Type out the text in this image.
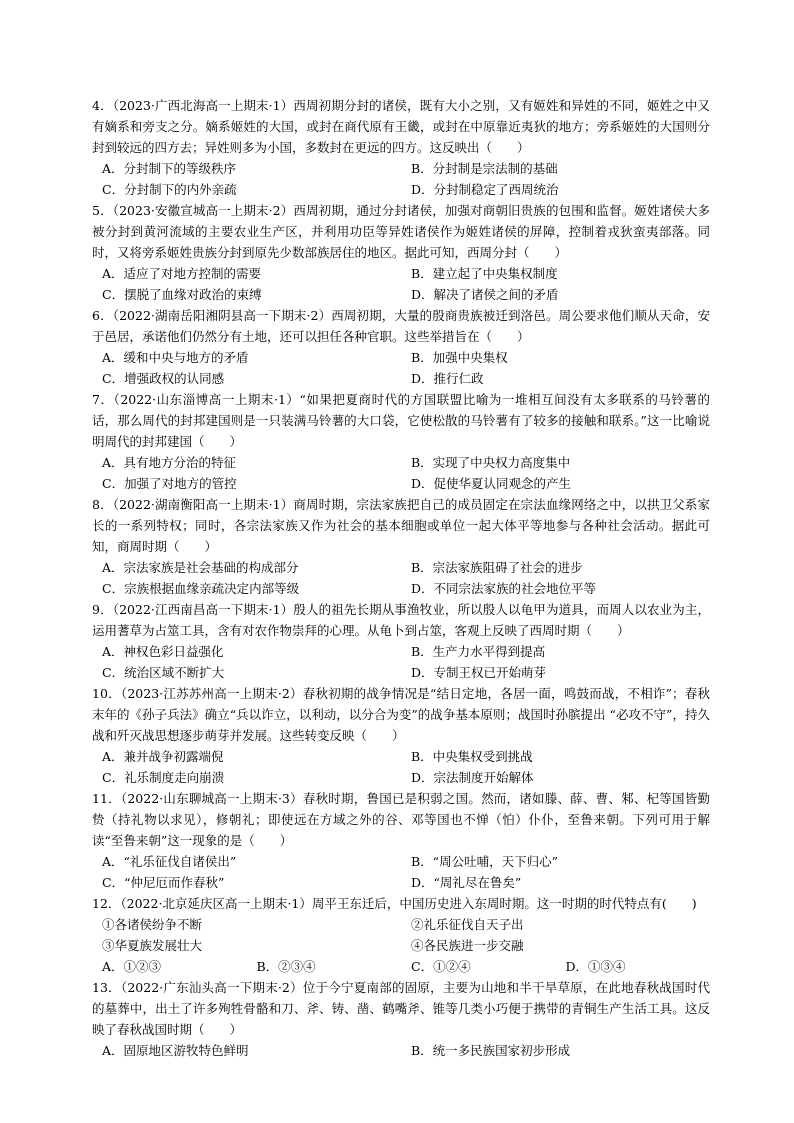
4．（2023·广西北海高一上期末·1）西周初期分封的诸侯，既有大小之别，又有姬姓和异姓的不同，姬姓之中又有嫡系和旁支之分。嫡系姬姓的大国，或封在商代原有王畿，或封在中原靠近夷狄的地方；旁系姬姓的大国则分封到较远的四方去；异姓则多为小国，多数封在更远的四方。这反映出（　　）

A．分封制下的等级秩序	B．分封制是宗法制的基础
C．分封制下的内外亲疏	D．分封制稳定了西周统治

5．（2023·安徽宣城高一上期末·2）西周初期，通过分封诸侯，加强对商朝旧贵族的包围和监督。姬姓诸侯大多被分封到黄河流域的主要农业生产区，并利用功臣等异姓诸侯作为姬姓诸侯的屏障，控制着戎狄蛮夷部落。同时，又将旁系姬姓贵族分封到原先少数部族居住的地区。据此可知，西周分封（　　）

A．适应了对地方控制的需要	B．建立起了中央集权制度
C．摆脱了血缘对政治的束缚	D．解决了诸侯之间的矛盾

6．（2022·湖南岳阳湘阴县高一下期末·2）西周初期，大量的殷商贵族被迁到洛邑。周公要求他们顺从天命，安于邑居，承诺他们仍然分有土地，还可以担任各种官职。这些举措旨在（　　）

A．缓和中央与地方的矛盾	B．加强中央集权
C．增强政权的认同感	D．推行仁政

7．（2022·山东淄博高一上期末·1）“如果把夏商时代的方国联盟比喻为一堆相互间没有太多联系的马铃薯的话，那么周代的封邦建国则是一只装满马铃薯的大口袋，它使松散的马铃薯有了较多的接触和联系。”这一比喻说明周代的封邦建国（　　）

A．具有地方分治的特征	B．实现了中央权力高度集中
C．加强了对地方的管控	D．促使华夏认同观念的产生

8．（2022·湖南衡阳高一上期末·1）商周时期，宗法家族把自己的成员固定在宗法血缘网络之中，以拱卫父系家长的一系列特权；同时，各宗法家族又作为社会的基本细胞或单位一起大体平等地参与各种社会活动。据此可知，商周时期（　　）

A．宗法家族是社会基础的构成部分	B．宗法家族阻碍了社会的进步
C．宗族根据血缘亲疏决定内部等级	D．不同宗法家族的社会地位平等

9．（2022·江西南昌高一下期末·1）殷人的祖先长期从事渔牧业，所以殷人以龟甲为道具，而周人以农业为主，运用蓍草为占筮工具，含有对农作物崇拜的心理。从龟卜到占筮，客观上反映了西周时期（　　）

A．神权色彩日益强化	B．生产力水平得到提高
C．统治区域不断扩大	D．专制王权已开始萌芽

10．（2023·江苏苏州高一上期末·2）春秋初期的战争情况是“结日定地，各居一面，鸣鼓而战，不相诈”；春秋末年的《孙子兵法》确立“兵以诈立，以利动，以分合为变”的战争基本原则；战国时孙膑提出 “必攻不守”，持久战和歼灭战思想逐步萌芽并发展。这些转变反映（　　）

A．兼并战争初露端倪	B．中央集权受到挑战
C．礼乐制度走向崩溃	D．宗法制度开始解体

11．（2022·山东聊城高一上期末·3）春秋时期，鲁国已是积弱之国。然而，诸如滕、薛、曹、邾、杞等国皆勤贽（持礼物以求见），修朝礼；即使远在方域之外的谷、邓等国也不惮（怕）仆仆，至鲁来朝。下列可用于解读“至鲁来朝”这一现象的是（　　）

A．“礼乐征伐自诸侯出”	B．“周公吐哺，天下归心”
C．“仲尼厄而作春秋”	D．“周礼尽在鲁矣”

12．（2022·北京延庆区高一上期末·1）周平王东迁后，中国历史进入东周时期。这一时期的时代特点有(　　)

①各诸侯纷争不断	②礼乐征伐自天子出
③华夏族发展壮大	④各民族进一步交融
A．①②③	B．②③④	C．①②④	D．①③④

13．（2022·广东汕头高一下期末·2）位于今宁夏南部的固原，主要为山地和半干旱草原，在此地春秋战国时代的墓葬中，出土了许多殉牲骨骼和刀、斧、铸、凿、鹤嘴斧、锥等几类小巧便于携带的青铜生产生活工具。这反映了春秋战国时期（　　）

A．固原地区游牧特色鲜明	B．统一多民族国家初步形成
